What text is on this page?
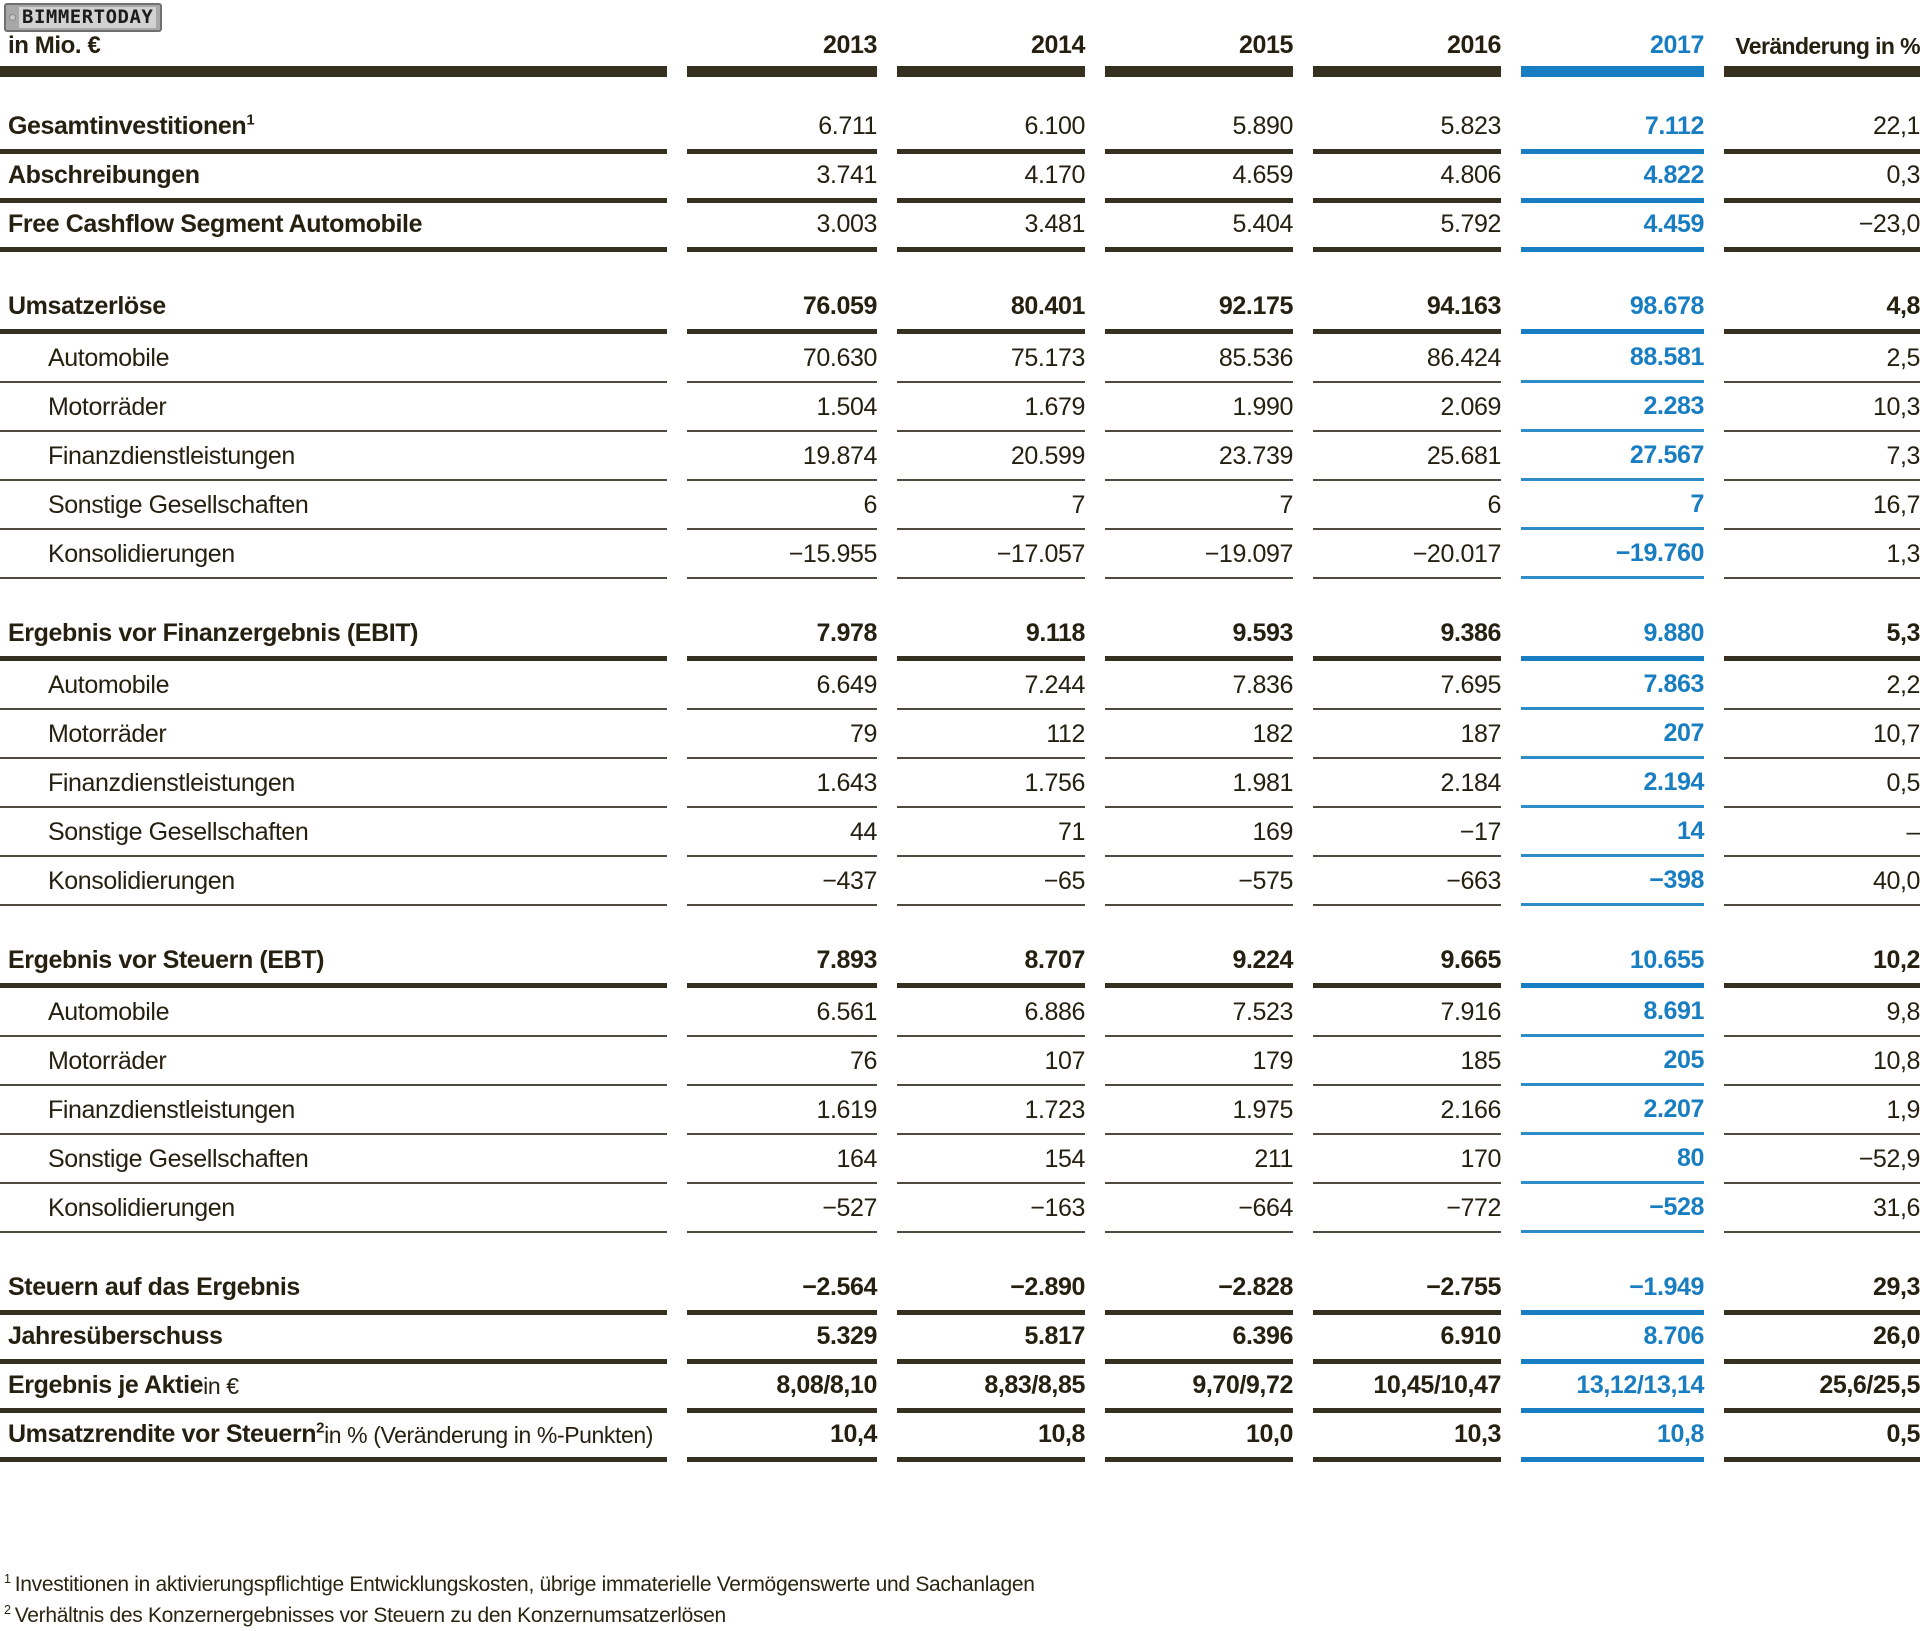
BIMMERTODAY
in Mio. €	2013	2014	2015	2016	2017	Veränderung in %
Gesamtinvestitionen$^1$	6.711	6.100	5.890	5.823	7.112	22,1
Abschreibungen	3.741	4.170	4.659	4.806	4.822	0,3
Free Cashflow Segment Automobile	3.003	3.481	5.404	5.792	4.459	−23,0
Umsatzerlöse	76.059	80.401	92.175	94.163	98.678	4,8
Automobile	70.630	75.173	85.536	86.424	88.581	2,5
Motorräder	1.504	1.679	1.990	2.069	2.283	10,3
Finanzdienstleistungen	19.874	20.599	23.739	25.681	27.567	7,3
Sonstige Gesellschaften	6	7	7	6	7	16,7
Konsolidierungen	−15.955	−17.057	−19.097	−20.017	−19.760	1,3
Ergebnis vor Finanzergebnis (EBIT)	7.978	9.118	9.593	9.386	9.880	5,3
Automobile	6.649	7.244	7.836	7.695	7.863	2,2
Motorräder	79	112	182	187	207	10,7
Finanzdienstleistungen	1.643	1.756	1.981	2.184	2.194	0,5
Sonstige Gesellschaften	44	71	169	−17	14	–
Konsolidierungen	−437	−65	−575	−663	−398	40,0
Ergebnis vor Steuern (EBT)	7.893	8.707	9.224	9.665	10.655	10,2
Automobile	6.561	6.886	7.523	7.916	8.691	9,8
Motorräder	76	107	179	185	205	10,8
Finanzdienstleistungen	1.619	1.723	1.975	2.166	2.207	1,9
Sonstige Gesellschaften	164	154	211	170	80	−52,9
Konsolidierungen	−527	−163	−664	−772	−528	31,6
Steuern auf das Ergebnis	−2.564	−2.890	−2.828	−2.755	−1.949	29,3
Jahresüberschuss	5.329	5.817	6.396	6.910	8.706	26,0
Ergebnis je Aktie in €	8,08/8,10	8,83/8,85	9,70/9,72	10,45/10,47	13,12/13,14	25,6/25,5
Umsatzrendite vor Steuern$^2$ in % (Veränderung in %-Punkten)	10,4	10,8	10,0	10,3	10,8	0,5
$^1$ Investitionen in aktivierungspflichtige Entwicklungskosten, übrige immaterielle Vermögenswerte und Sachanlagen
$^2$ Verhältnis des Konzernergebnisses vor Steuern zu den Konzernumsatzerlösen
